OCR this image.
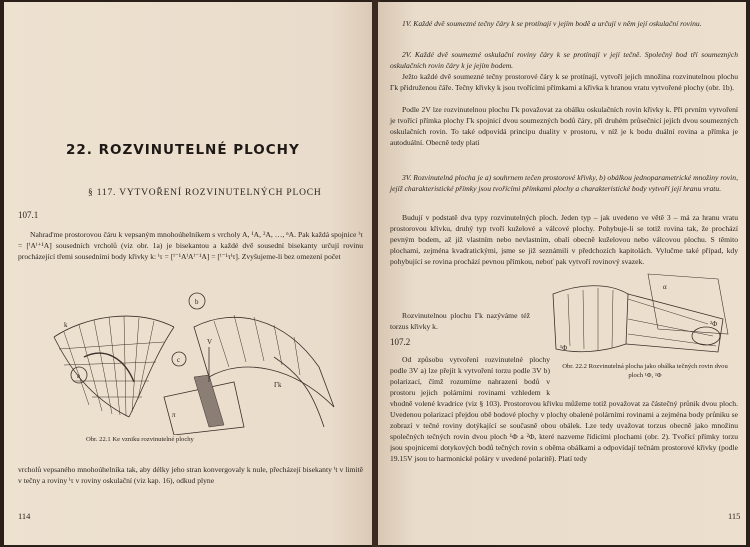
22. ROZVINUTELNÉ PLOCHY
§ 117. VYTVOŘENÍ ROZVINUTELNÝCH PLOCH
107.1
Nahraďme prostorovou čáru k vepsaným mnohoúhelníkem s vrcholy A, ¹A, ²A, …, ⁿA. Pak každá spojnice ⁱτ = [ⁱAⁱ⁺¹A] sousedních vrcholů (viz obr. 1a) je bisekantou a každé dvě sousední bisekanty určují rovinu procházející třemi sousedními body křivky k: ⁱτ = [ⁱ⁻¹AⁱAⁱ⁻¹A] = [ⁱ⁻¹τⁱτ]. Zvyšujeme-li bez omezení počet
a
b
c
k
π
V
Γk
Obr. 22.1 Ke vzniku rozvinutelné plochy
vrcholů vepsaného mnohoúhelníka tak, aby délky jeho stran konvergovaly k nule, přecházejí bisekanty ⁱt v limitě v tečny a roviny ⁱτ v roviny oskulační (viz kap. 16), odkud plyne
114
1V. Každé dvě soumezné tečny čáry k se protínají v jejím bodě a určují v něm její oskulační rovinu.
2V. Každé dvě soumezné oskulační roviny čáry k se protínají v její tečně. Společný bod tří soumezných oskulačních rovin čáry k je jejím bodem.
Ježto každé dvě soumezné tečny prostorové čáry k se protínají, vytvoří jejich množina rozvinutelnou plochu Γk přidruženou čáře. Tečny křivky k jsou tvořícími přímkami a křivka k hranou vratu vytvořené plochy (obr. 1b).
Podle 2V lze rozvinutelnou plochu Γk považovat za obálku oskulačních rovin křivky k. Při prvním vytvoření je tvořící přímka plochy Γk spojnicí dvou soumezných bodů čáry, při druhém průsečnicí jejích dvou soumezných oskulačních rovin. To také odpovídá principu duality v prostoru, v níž je k bodu duální rovina a přímka je autoduální. Obecně tedy platí
3V. Rozvinutelná plocha je a) souhrnem tečen prostorové křivky, b) obálkou jednoparametrické množiny rovin, jejíž charakteristické přímky jsou tvořícími přímkami plochy a charakteristické body vytvoří její hranu vratu.
Budují v podstatě dva typy rozvinutelných ploch. Jeden typ – jak uvedeno ve větě 3 – má za hranu vratu prostorovou křivku, druhý typ tvoří kuželové a válcové plochy. Pohybuje-li se totiž rovina tak, že prochází pevným bodem, až již vlastním nebo nevlastním, obalí obecně kuželovou nebo válcovou plochu. S těmito plochami, zejména kvadratickými, jsme se již seznámili v předchozích kapitolách. Vylučme také případ, kdy pohybující se rovina prochází pevnou přímkou, neboť pak vytvoří rovinový svazek.
Rozvinutelnou plochu Γk nazýváme též torzus křivky k.
107.2
α
¹Φ
²Φ
Obr. 22.2 Rozvinutelná plocha jako obálka tečných rovin dvou ploch ¹Φ, ²Φ
Od způsobu vytvoření rozvinutelné plochy podle 3V a) lze přejít k vytvoření torzu podle 3V b) polarizací, čímž rozumíme nahrazení bodů v prostoru jejich polárními rovinami vzhledem k vhodně volené kvadrice (viz § 103). Prostorovou křivku můžeme totiž považovat za částečný průnik dvou ploch. Uvedenou polarizací přejdou obě bodové plochy v plochy obalené polárními rovinami a zejména body průniku se zobrazí v tečné roviny dotýkající se současně obou obálek. Lze tedy uvažovat torzus obecně jako množinu společných tečných rovin dvou ploch ¹Φ a ²Φ, které nazveme řídicími plochami (obr. 2). Tvořící přímky torzu jsou spojnicemi dotykových bodů tečných rovin s oběma obálkami a odpovídají tečnám prostorové křivky (podle 19.15V jsou to harmonické poláry v uvedené polaritě). Platí tedy
115
